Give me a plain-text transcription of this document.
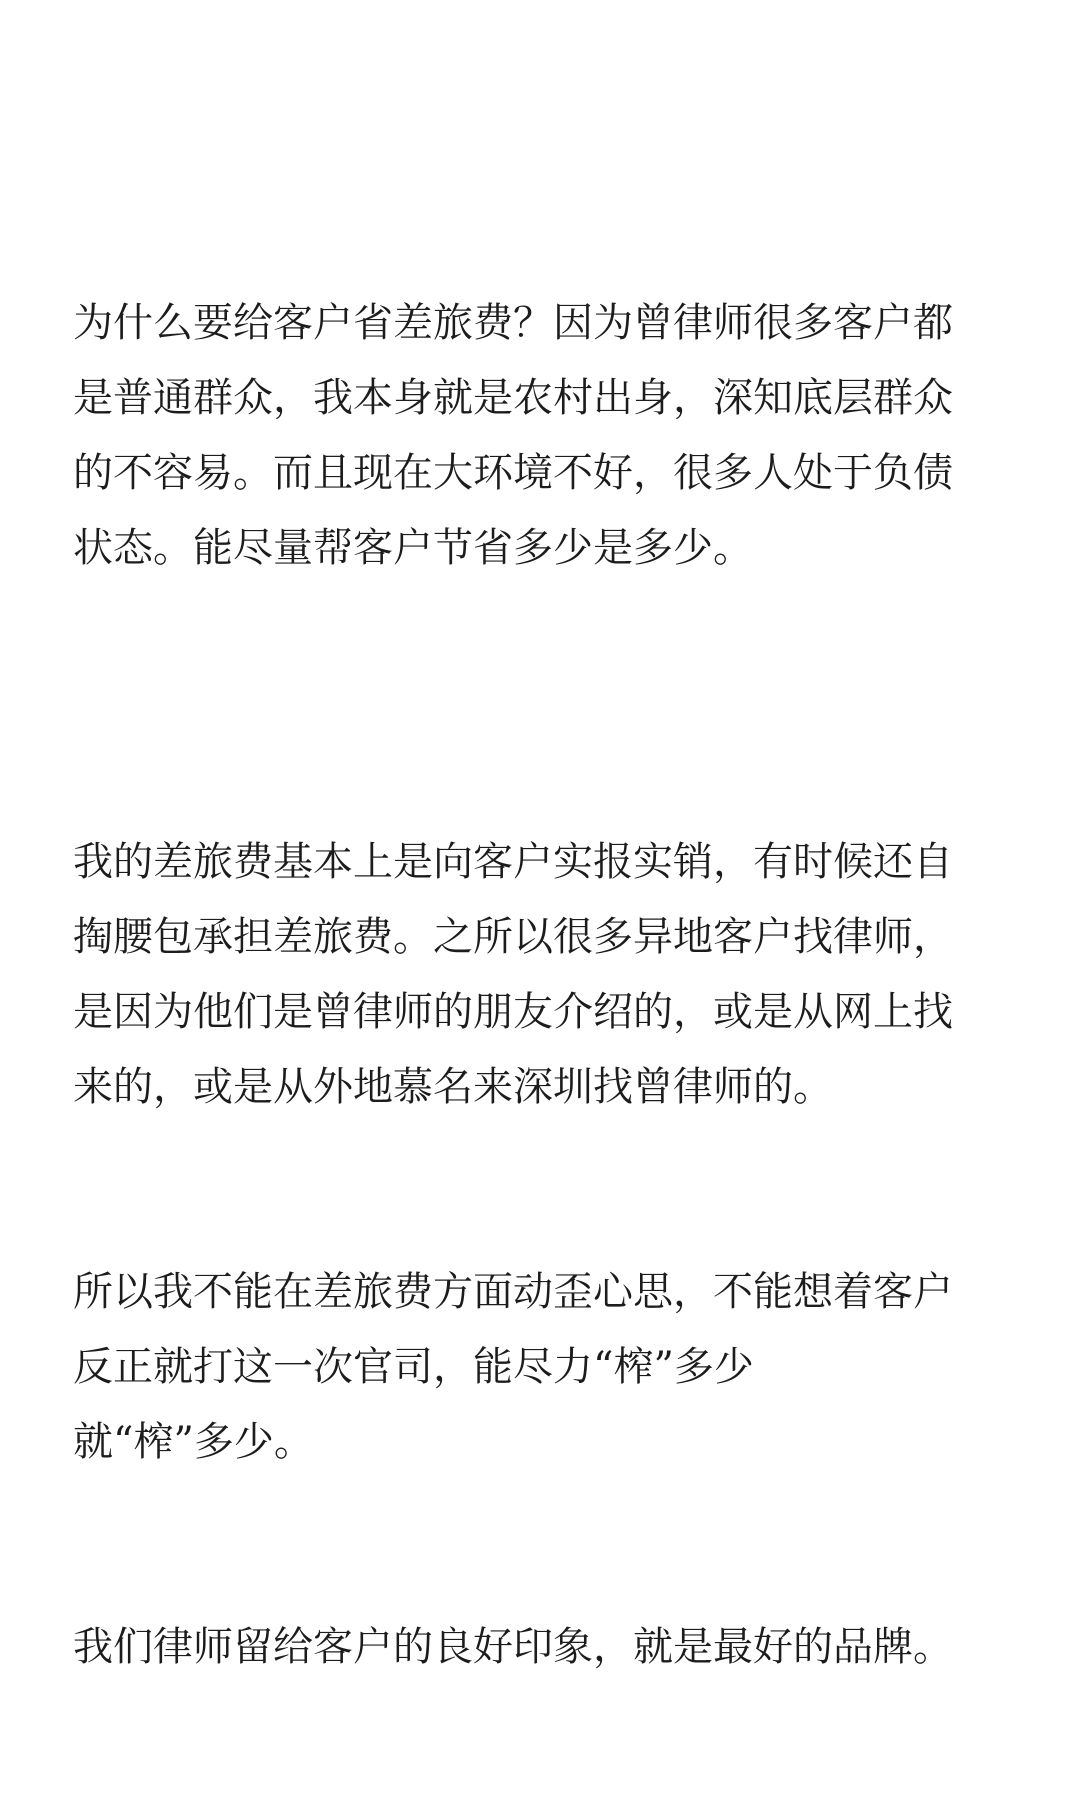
为什么要给客户省差旅费？因为曾律师很多客户都
是普通群众，我本身就是农村出身，深知底层群众
的不容易。而且现在大环境不好，很多人处于负债
状态。能尽量帮客户节省多少是多少。
我的差旅费基本上是向客户实报实销，有时候还自
掏腰包承担差旅费。之所以很多异地客户找律师，
是因为他们是曾律师的朋友介绍的，或是从网上找
来的，或是从外地慕名来深圳找曾律师的。
所以我不能在差旅费方面动歪心思，不能想着客户
反正就打这一次官司，能尽力“榨”多少
就“榨”多少。
我们律师留给客户的良好印象，就是最好的品牌。
